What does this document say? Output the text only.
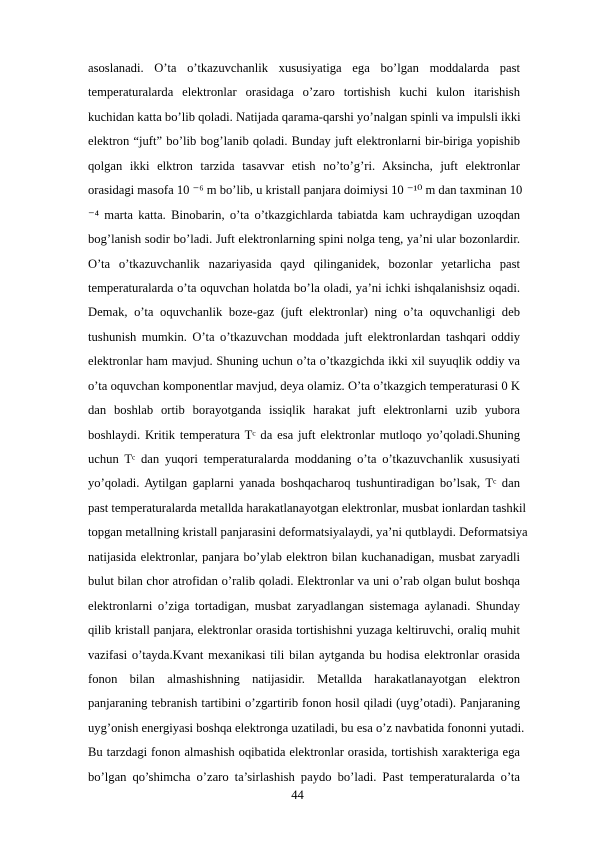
asoslanadi. O’ta o’tkazuvchanlik xususiyatiga ega bo’lgan moddalarda past
temperaturalarda elektronlar orasidaga o’zaro tortishish kuchi kulon itarishish
kuchidan katta bo’lib qoladi. Natijada qarama-qarshi yo’nalgan spinli va impulsli ikki
elektron “juft” bo’lib bog’lanib qoladi. Bunday juft elektronlarni bir-biriga yopishib
qolgan ikki elktron tarzida tasavvar etish no’to’g’ri. Aksincha, juft elektronlar
orasidagi masofa 10 ⁻⁶ m bo’lib, u kristall panjara doimiysi 10 ⁻¹⁰ m dan taxminan 10
⁻⁴ marta katta. Binobarin, o’ta o’tkazgichlarda tabiatda kam uchraydigan uzoqdan
bog’lanish sodir bo’ladi. Juft elektronlarning spini nolga teng, ya’ni ular bozonlardir.
O’ta o’tkazuvchanlik nazariyasida qayd qilinganidek, bozonlar yetarlicha past
temperaturalarda o’ta oquvchan holatda bo’la oladi, ya’ni ichki ishqalanishsiz oqadi.
Demak, o’ta oquvchanlik boze-gaz (juft elektronlar) ning o’ta oquvchanligi deb
tushunish mumkin. O’ta o’tkazuvchan moddada juft elektronlardan tashqari oddiy
elektronlar ham mavjud. Shuning uchun o’ta o’tkazgichda ikki xil suyuqlik oddiy va
o’ta oquvchan komponentlar mavjud, deya olamiz. O’ta o’tkazgich temperaturasi 0 K
dan boshlab ortib borayotganda issiqlik harakat juft elektronlarni uzib yubora
boshlaydi. Kritik temperatura Tᶜ da esa juft elektronlar mutloqo yo’qoladi.Shuning
uchun Tᶜ dan yuqori temperaturalarda moddaning o’ta o’tkazuvchanlik xususiyati
yo’qoladi. Aytilgan gaplarni yanada boshqacharoq tushuntiradigan bo’lsak, Tᶜ dan
past temperaturalarda metallda harakatlanayotgan elektronlar, musbat ionlardan tashkil
topgan metallning kristall panjarasini deformatsiyalaydi, ya’ni qutblaydi. Deformatsiya
natijasida elektronlar, panjara bo’ylab elektron bilan kuchanadigan, musbat zaryadli
bulut bilan chor atrofidan o’ralib qoladi. Elektronlar va uni o’rab olgan bulut boshqa
elektronlarni o’ziga tortadigan, musbat zaryadlangan sistemaga aylanadi. Shunday
qilib kristall panjara, elektronlar orasida tortishishni yuzaga keltiruvchi, oraliq muhit
vazifasi o’tayda.Kvant mexanikasi tili bilan aytganda bu hodisa elektronlar orasida
fonon bilan almashishning natijasidir. Metallda harakatlanayotgan elektron
panjaraning tebranish tartibini o’zgartirib fonon hosil qiladi (uyg’otadi). Panjaraning
uyg’onish energiyasi boshqa elektronga uzatiladi, bu esa o’z navbatida fononni yutadi.
Bu tarzdagi fonon almashish oqibatida elektronlar orasida, tortishish xarakteriga ega
bo’lgan qo’shimcha o’zaro ta’sirlashish paydo bo’ladi. Past temperaturalarda o’ta
44
